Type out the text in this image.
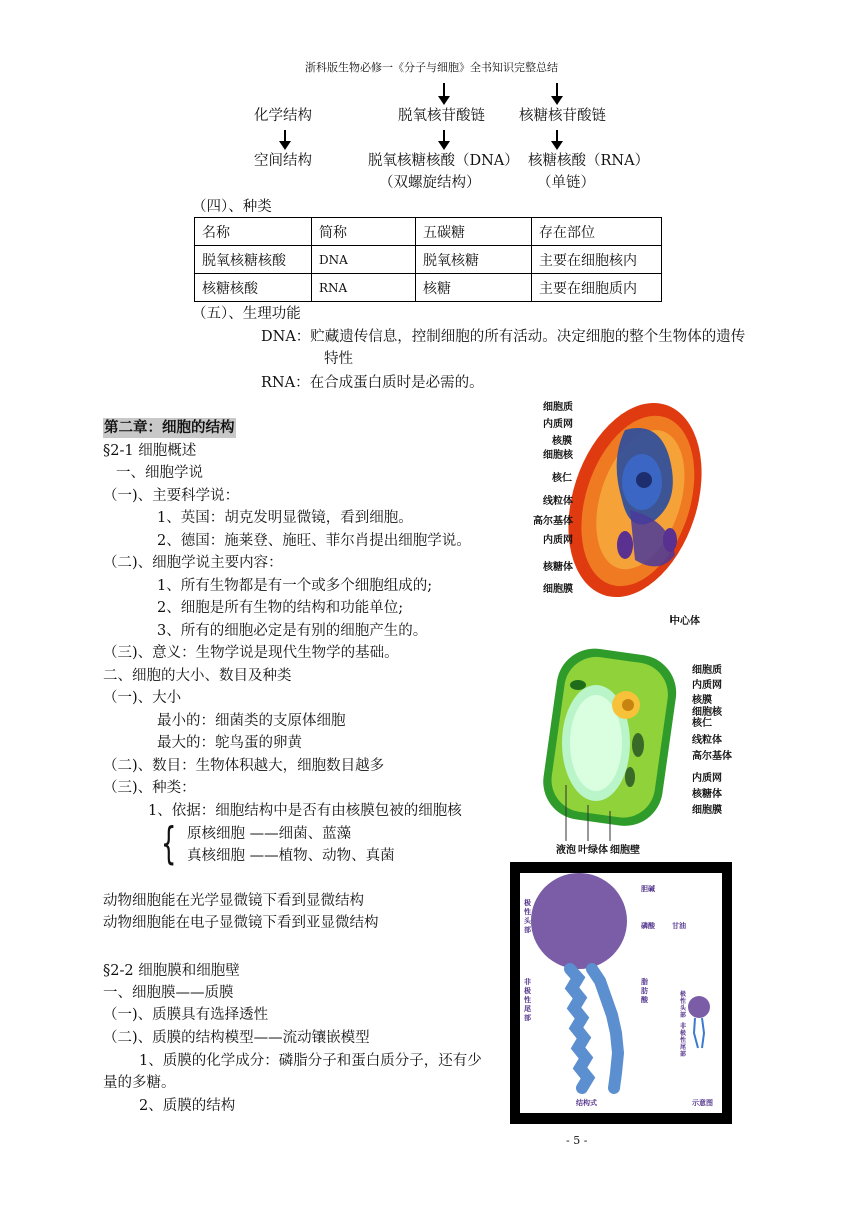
浙科版生物必修一《分子与细胞》全书知识完整总结
化学结构	脱氧核苷酸链 核糖核苷酸链
空间结构	脱氧核糖核酸（DNA） 核糖核酸（RNA）
（双螺旋结构）	（单链）
（四）、种类
名称	简称	五碳糖	存在部位
脱氧核糖核酸	DNA	脱氧核糖	主要在细胞核内
核糖核酸	RNA	核糖	主要在细胞质内
（五）、生理功能
DNA：贮藏遗传信息，控制细胞的所有活动。决定细胞的整个生物体的遗传
特性
RNA：在合成蛋白质时是必需的。
第二章：细胞的结构
§2-1 细胞概述
一、细胞学说
（一)、主要科学说：
1、英国：胡克发明显微镜，看到细胞。
2、德国：施莱登、施旺、菲尔肖提出细胞学说。
（二)、细胞学说主要内容：
1、所有生物都是有一个或多个细胞组成的;
2、细胞是所有生物的结构和功能单位;
3、所有的细胞必定是有别的细胞产生的。
（三)、意义：生物学说是现代生物学的基础。
二、细胞的大小、数目及种类
（一)、大小
最小的：细菌类的支原体细胞
最大的：鸵鸟蛋的卵黄
（二)、数目：生物体积越大，细胞数目越多
（三)、种类：
1、依据：细胞结构中是否有由核膜包被的细胞核
{ 原核细胞 ——细菌、蓝藻
真核细胞 ——植物、动物、真菌
动物细胞能在光学显微镜下看到显微结构
动物细胞能在电子显微镜下看到亚显微结构
§2-2 细胞膜和细胞壁
一、细胞膜——质膜
（一)、质膜具有选择透性
（二)、质膜的结构模型——流动镶嵌模型
1、质膜的化学成分：磷脂分子和蛋白质分子，还有少
量的多糖。
2、质膜的结构
细胞质
内质网
核膜
细胞核
核仁
线粒体
高尔基体
内质网
核糖体
细胞膜
中心体
细胞质
内质网
核膜
细胞核
核仁
线粒体
高尔基体
内质网
核糖体
细胞膜
液泡 叶绿体 细胞壁
极性头部
非极性尾部
胆碱
磷酸 甘油
脂肪酸
极性头部
非极性尾部
结构式	示意图
- 5 -
